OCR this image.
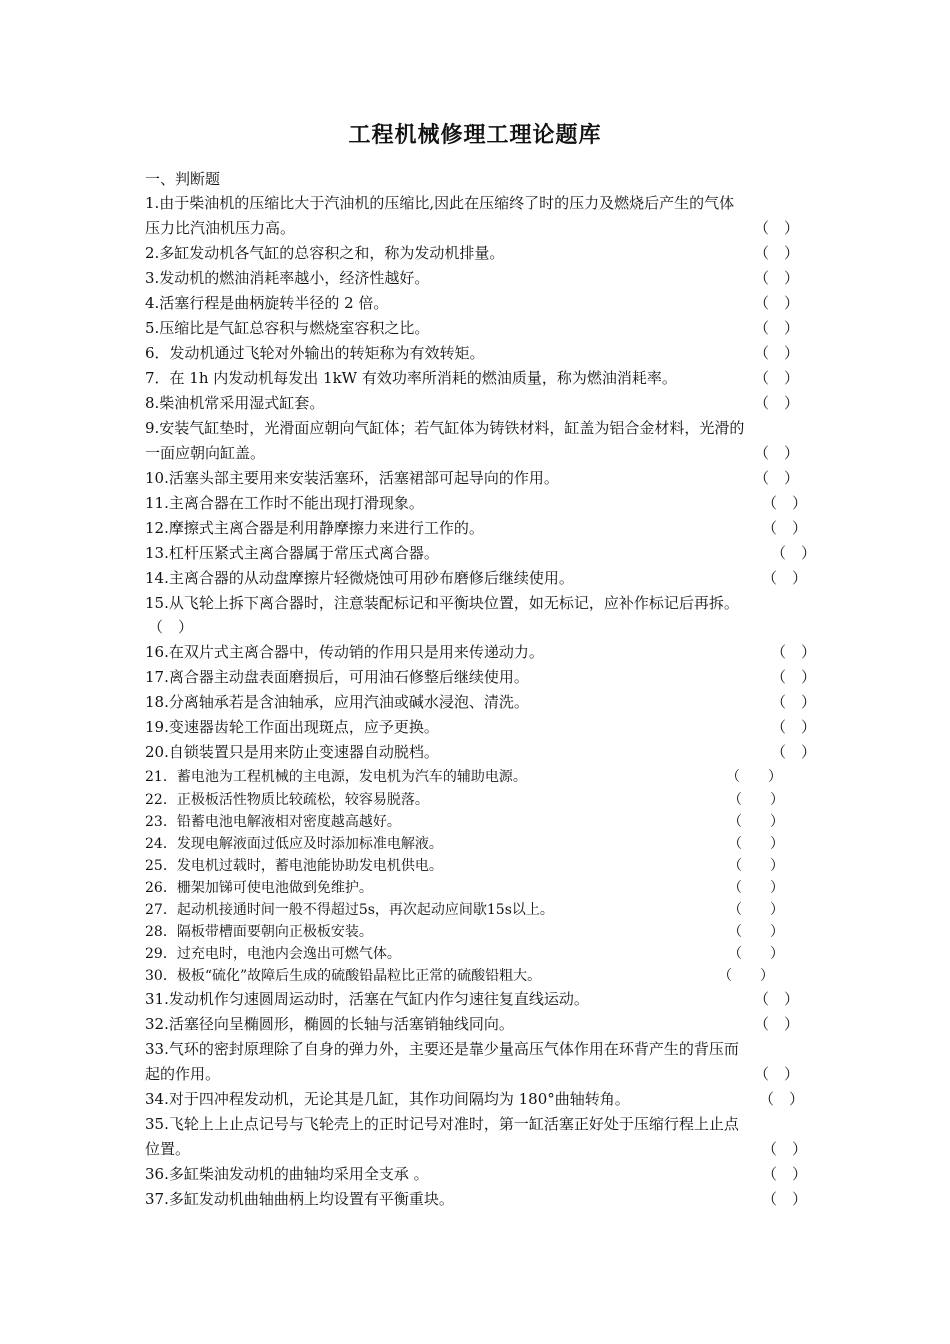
工程机械修理工理论题库
一、判断题
1.由于柴油机的压缩比大于汽油机的压缩比,因此在压缩终了时的压力及燃烧后产生的气体
压力比汽油机压力高。	（　）
2.多缸发动机各气缸的总容积之和，称为发动机排量。	（　）
3.发动机的燃油消耗率越小，经济性越好。	（　）
4.活塞行程是曲柄旋转半径的 2 倍。	（　）
5.压缩比是气缸总容积与燃烧室容积之比。	（　）
6．发动机通过飞轮对外输出的转矩称为有效转矩。	（　）
7．在 1h 内发动机每发出 1kW 有效功率所消耗的燃油质量，称为燃油消耗率。	（　）
8.柴油机常采用湿式缸套。	（　）
9.安装气缸垫时，光滑面应朝向气缸体；若气缸体为铸铁材料，缸盖为铝合金材料，光滑的
一面应朝向缸盖。	（　）
10.活塞头部主要用来安装活塞环，活塞裙部可起导向的作用。	（　）
11.主离合器在工作时不能出现打滑现象。	（　）
12.摩擦式主离合器是利用静摩擦力来进行工作的。	（　）
13.杠杆压紧式主离合器属于常压式离合器。	（　）
14.主离合器的从动盘摩擦片轻微烧蚀可用砂布磨修后继续使用。	（　）
15.从飞轮上拆下离合器时，注意装配标记和平衡块位置，如无标记，应补作标记后再拆。
（　）
16.在双片式主离合器中，传动销的作用只是用来传递动力。	（　）
17.离合器主动盘表面磨损后，可用油石修整后继续使用。	（　）
18.分离轴承若是含油轴承，应用汽油或碱水浸泡、清洗。	（　）
19.变速器齿轮工作面出现斑点，应予更换。	（　）
20.自锁装置只是用来防止变速器自动脱档。	（　）
21．蓄电池为工程机械的主电源，发电机为汽车的辅助电源。	（　　）
22．正极板活性物质比较疏松，较容易脱落。	（　　）
23．铅蓄电池电解液相对密度越高越好。	（　　）
24．发现电解液面过低应及时添加标准电解液。	（　　）
25．发电机过载时，蓄电池能协助发电机供电。	（　　）
26．栅架加锑可使电池做到免维护。	（　　）
27．起动机接通时间一般不得超过5s，再次起动应间歇15s以上。	（　　）
28．隔板带槽面要朝向正极板安装。	（　　）
29．过充电时，电池内会逸出可燃气体。	（　　）
30．极板“硫化”故障后生成的硫酸铅晶粒比正常的硫酸铅粗大。	（　　）
31.发动机作匀速圆周运动时，活塞在气缸内作匀速往复直线运动。	（　）
32.活塞径向呈椭圆形，椭圆的长轴与活塞销轴线同向。	（　）
33.气环的密封原理除了自身的弹力外，主要还是靠少量高压气体作用在环背产生的背压而
起的作用。	（　）
34.对于四冲程发动机，无论其是几缸，其作功间隔均为 180°曲轴转角。	（　）
35.飞轮上上止点记号与飞轮壳上的正时记号对准时，第一缸活塞正好处于压缩行程上止点
位置。	（　）
36.多缸柴油发动机的曲轴均采用全支承 。	（　）
37.多缸发动机曲轴曲柄上均设置有平衡重块。	（　）
